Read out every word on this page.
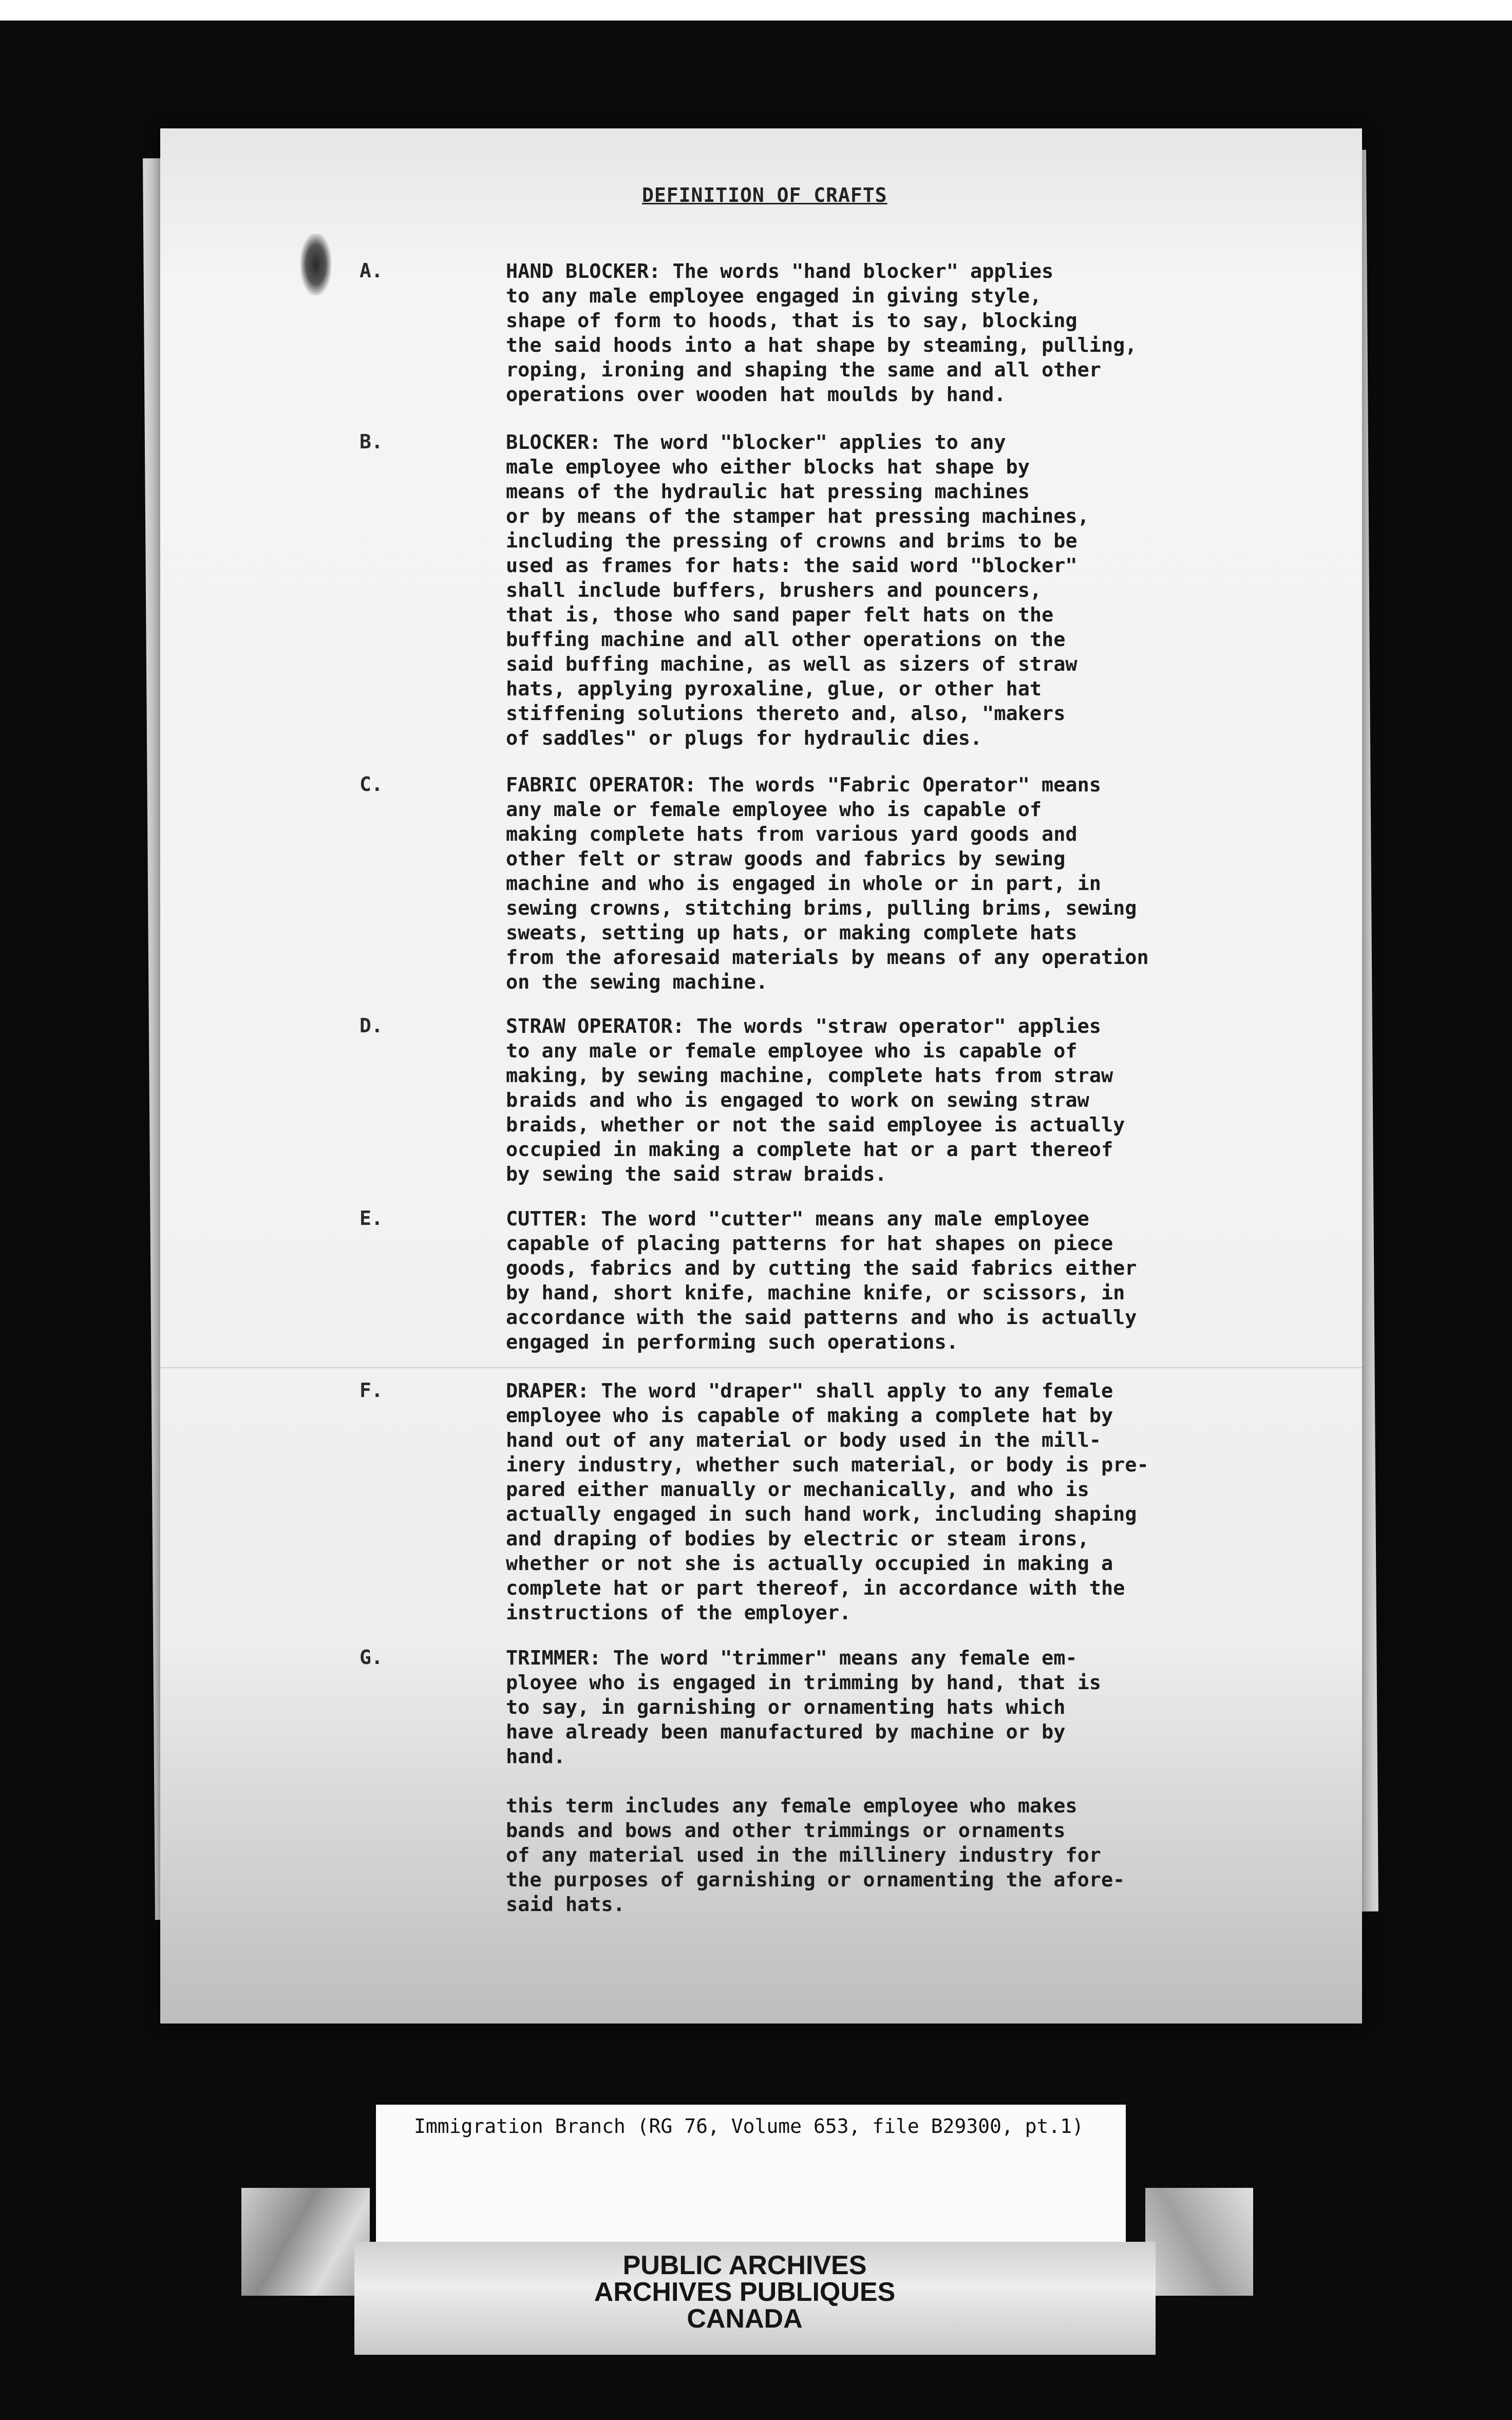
DEFINITION OF CRAFTS
A.	HAND BLOCKER: The words "hand blocker" applies
to any male employee engaged in giving style,
shape of form to hoods, that is to say, blocking
the said hoods into a hat shape by steaming, pulling,
roping, ironing and shaping the same and all other
operations over wooden hat moulds by hand.
B.	BLOCKER: The word "blocker" applies to any
male employee who either blocks hat shape by
means of the hydraulic hat pressing machines
or by means of the stamper hat pressing machines,
including the pressing of crowns and brims to be
used as frames for hats: the said word "blocker"
shall include buffers, brushers and pouncers,
that is, those who sand paper felt hats on the
buffing machine and all other operations on the
said buffing machine, as well as sizers of straw
hats, applying pyroxaline, glue, or other hat
stiffening solutions thereto and, also, "makers
of saddles" or plugs for hydraulic dies.
C.	FABRIC OPERATOR: The words "Fabric Operator" means
any male or female employee who is capable of
making complete hats from various yard goods and
other felt or straw goods and fabrics by sewing
machine and who is engaged in whole or in part, in
sewing crowns, stitching brims, pulling brims, sewing
sweats, setting up hats, or making complete hats
from the aforesaid materials by means of any operation
on the sewing machine.
D.	STRAW OPERATOR: The words "straw operator" applies
to any male or female employee who is capable of
making, by sewing machine, complete hats from straw
braids and who is engaged to work on sewing straw
braids, whether or not the said employee is actually
occupied in making a complete hat or a part thereof
by sewing the said straw braids.
E.	CUTTER: The word "cutter" means any male employee
capable of placing patterns for hat shapes on piece
goods, fabrics and by cutting the said fabrics either
by hand, short knife, machine knife, or scissors, in
accordance with the said patterns and who is actually
engaged in performing such operations.
F.	DRAPER: The word "draper" shall apply to any female
employee who is capable of making a complete hat by
hand out of any material or body used in the mill-
inery industry, whether such material, or body is pre-
pared either manually or mechanically, and who is
actually engaged in such hand work, including shaping
and draping of bodies by electric or steam irons,
whether or not she is actually occupied in making a
complete hat or part thereof, in accordance with the
instructions of the employer.
G.	TRIMMER: The word "trimmer" means any female em-
ployee who is engaged in trimming by hand, that is
to say, in garnishing or ornamenting hats which
have already been manufactured by machine or by
hand.

this term includes any female employee who makes
bands and bows and other trimmings or ornaments
of any material used in the millinery industry for
the purposes of garnishing or ornamenting the afore-
said hats.
Immigration Branch (RG 76, Volume 653, file B29300, pt.1)
PUBLIC ARCHIVES
ARCHIVES PUBLIQUES
CANADA
